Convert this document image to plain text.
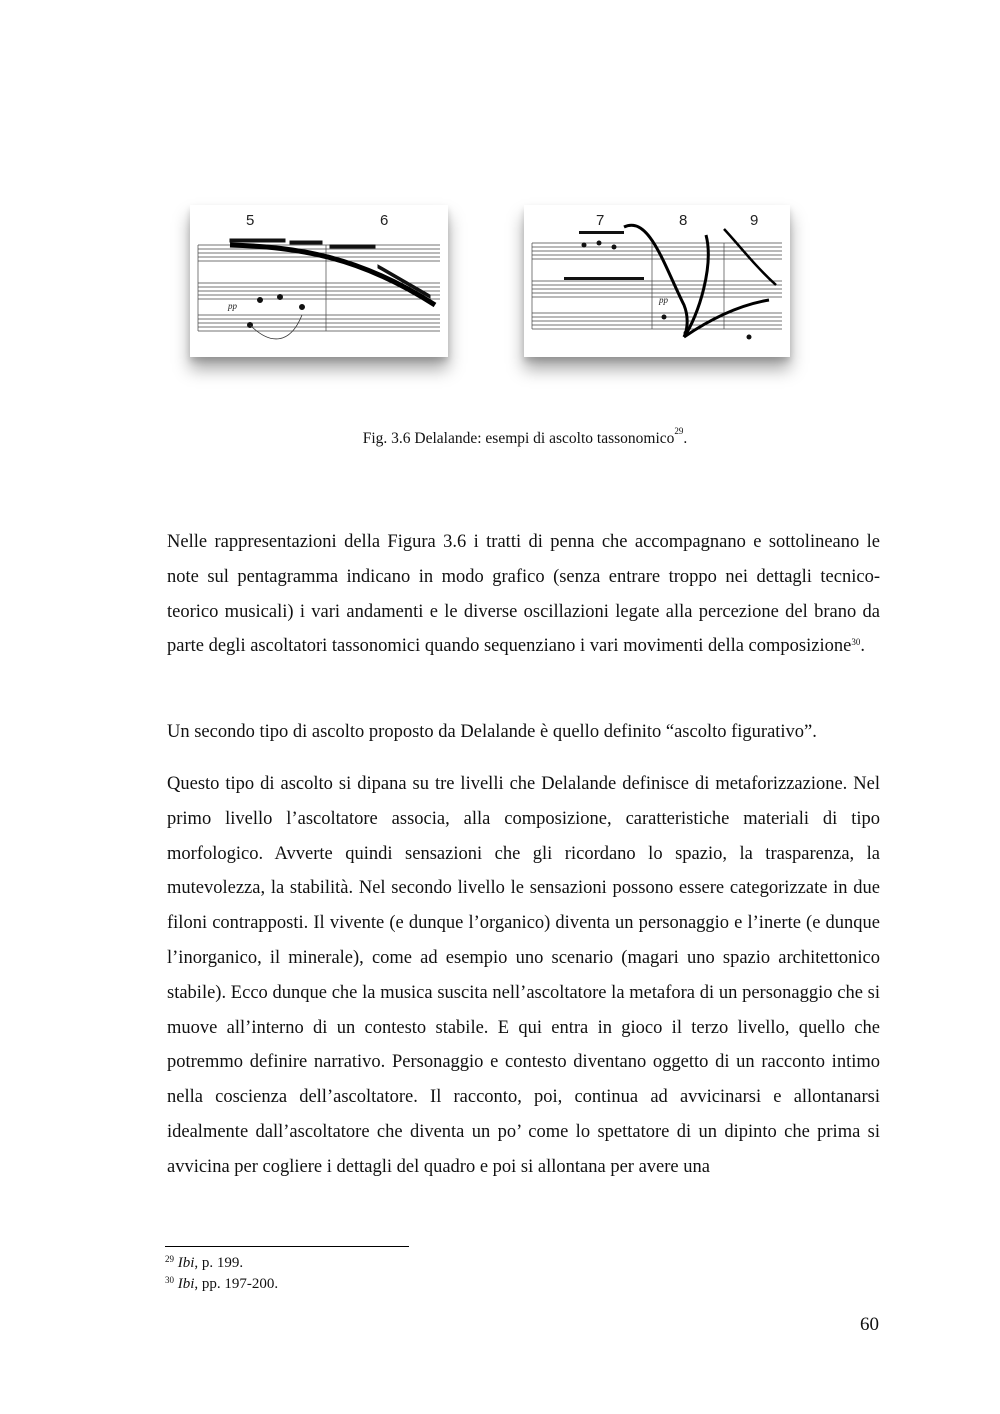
5	6
pp
7	8	9
pp
Fig. 3.6 Delalande: esempi di ascolto tassonomico$^{29}$.

Nelle rappresentazioni della Figura 3.6 i tratti di penna che accompagnano e sottolineano le note sul pentagramma indicano in modo grafico (senza entrare troppo nei dettagli tecnico-teorico musicali) i vari andamenti e le diverse oscillazioni legate alla percezione del brano da parte degli ascoltatori tassonomici quando sequenziano i vari movimenti della composizione$^{30}$.

Un secondo tipo di ascolto proposto da Delalande è quello definito “ascolto figurativo”.

Questo tipo di ascolto si dipana su tre livelli che Delalande definisce di metaforizzazione. Nel primo livello l’ascoltatore associa, alla composizione, caratteristiche materiali di tipo morfologico. Avverte quindi sensazioni che gli ricordano lo spazio, la trasparenza, la mutevolezza, la stabilità. Nel secondo livello le sensazioni possono essere categorizzate in due filoni contrapposti. Il vivente (e dunque l’organico) diventa un personaggio e l’inerte (e dunque l’inorganico, il minerale), come ad esempio uno scenario (magari uno spazio architettonico stabile). Ecco dunque che la musica suscita nell’ascoltatore la metafora di un personaggio che si muove all’interno di un contesto stabile. E qui entra in gioco il terzo livello, quello che potremmo definire narrativo. Personaggio e contesto diventano oggetto di un racconto intimo nella coscienza dell’ascoltatore. Il racconto, poi, continua ad avvicinarsi e allontanarsi idealmente dall’ascoltatore che diventa un po’ come lo spettatore di un dipinto che prima si avvicina per cogliere i dettagli del quadro e poi si allontana per avere una

$^{29}$ Ibi, p. 199.
$^{30}$ Ibi, pp. 197-200.
60
